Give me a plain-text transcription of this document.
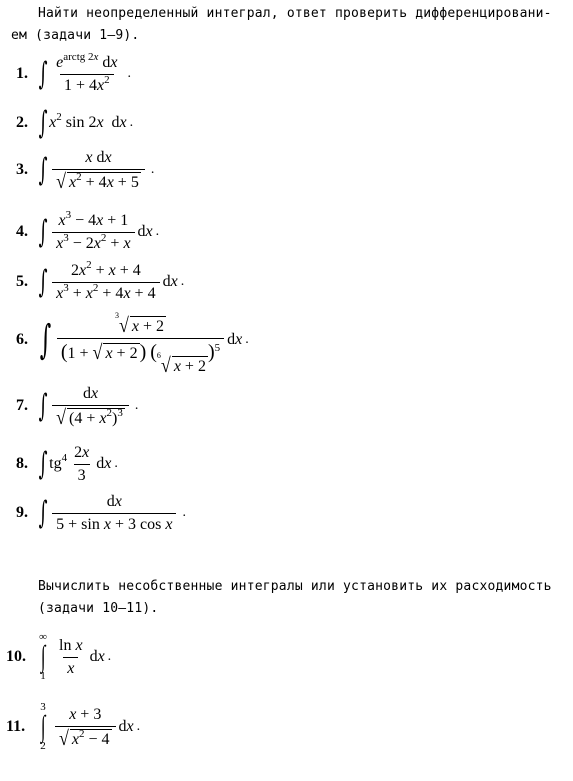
Найти неопределенный интеграл, ответ проверить дифференцировани-
ем (задачи 1–9).
1. ∫ $\frac{e^{arctg 2x} dx}{1 + 4x^2}$ .
2. ∫ $x^2$ sin 2x  dx .
3. ∫ $\frac{\text{x dx}}{√ x^2 + 4x + 5}$ .
4. ∫ $\frac{x^3 - 4x + 1}{x^3 - 2x^2 + x}$ dx .
5. ∫ $\frac{2x^2 + x + 4}{x^3 + x^2 + 4x + 4}$ dx .
6. ∫ 3 √ x + 2
(1 + √ x + 2 ) ( 6 √ x + 2
)$^5$ dx .
7. ∫ $\frac{dx}{√ (4 + x^2)^3}$ .
8. ∫ $tg^4 \frac{2x}{3}$ dx .
9. ∫ $\frac{dx}{\text{5 + sin x + 3 cos x}}$ .
Вычислить несобственные интегралы или установить их расходимость
(задачи 10–11).
10.
∞
∫
$1 \frac{\text{ln x}}{x}$ dx .
11.
3
∫
$2 \frac{x + 3}{√ x^2 - 4}$ dx .
